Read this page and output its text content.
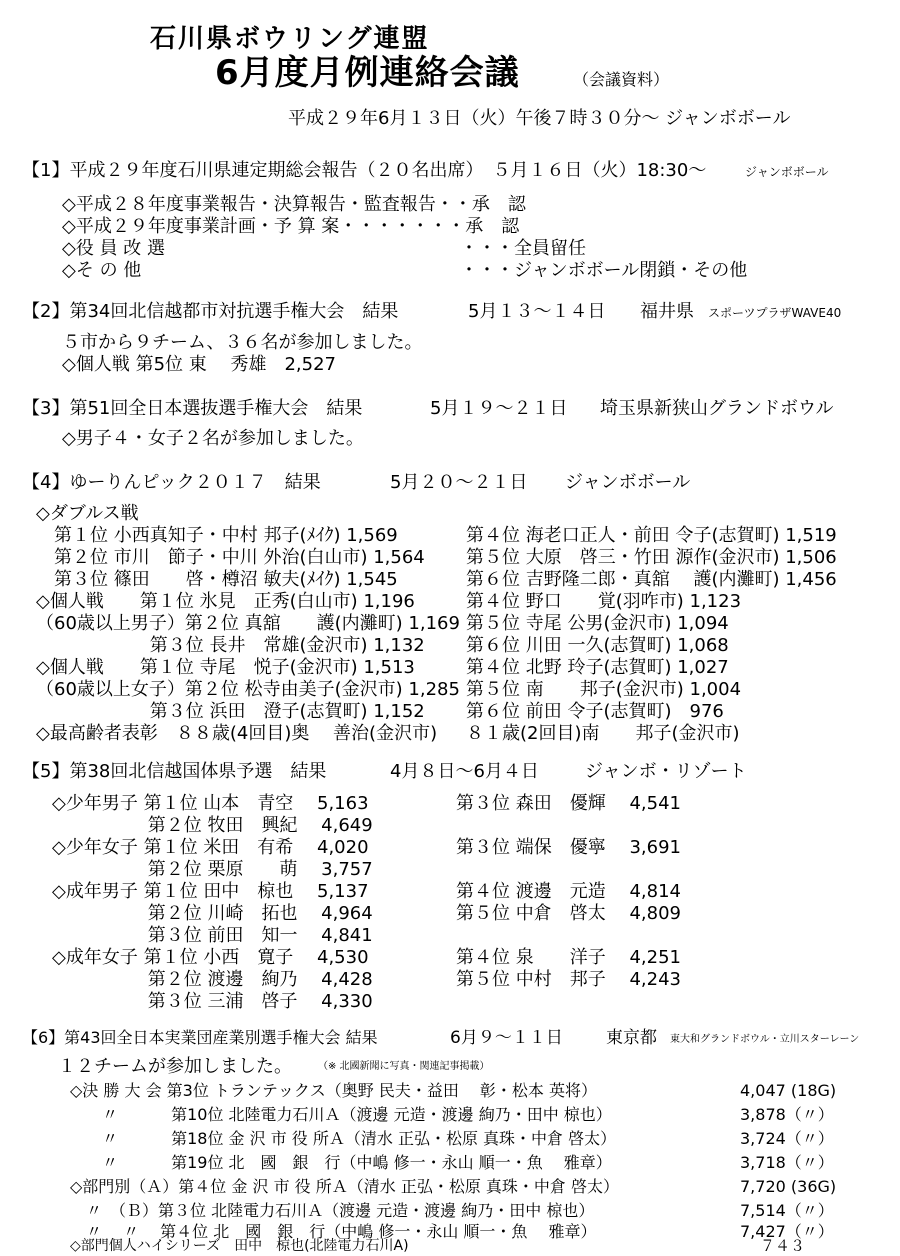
石川県ボウリング連盟
6月度月例連絡会議	（会議資料）
平成２９年6月１３日（火）午後７時３０分～ ジャンボボール
【1】平成２９年度石川県連定期総会報告（２０名出席）　５月１６日（火）18:30～	ジャンボボール
◇平成２８年度事業報告・決算報告・監査報告・・承　認
◇平成２９年度事業計画・予 算 案・・・・・・・承　認
◇役 員 改 選	・・・全員留任
◇そ の 他	・・・ジャンボボール閉鎖・その他
【2】第34回北信越都市対抗選手権大会　結果	5月１３～１４日 福井県 スポーツプラザWAVE40
５市から９チーム、３６名が参加しました。
◇個人戦 第5位 東　 秀雄　2,527
【3】第51回全日本選抜選手権大会　結果	5月１９～２１日 埼玉県新狭山グランドボウル
◇男子４・女子２名が参加しました。
【4】ゆーりんピック２０１７　結果	5月２０～２１日 ジャンボボール
◇ダブルス戦
　第１位 小西真知子・中村 邦子(ﾒｲｸ) 1,569	第４位 海老口正人・前田 令子(志賀町) 1,519
　第２位 市川　節子・中川 外治(白山市) 1,564 第５位 大原　啓三・竹田 源作(金沢市) 1,506
　第３位 篠田　　啓・樽沼 敏夫(ﾒｲｸ) 1,545	第６位 吉野隆二郎・真舘　 護(内灘町) 1,456
◇個人戦　　第１位 氷見　正秀(白山市) 1,196	第４位 野口　　覚(羽咋市) 1,123
（60歳以上男子）第２位 真舘　　護(内灘町) 1,169 第５位 寺尾 公男(金沢市) 1,094
　　　　　　 第３位 長井　常雄(金沢市) 1,132 第６位 川田 一久(志賀町) 1,068
◇個人戦　　第１位 寺尾　悦子(金沢市) 1,513	第４位 北野 玲子(志賀町) 1,027
（60歳以上女子）第２位 松寺由美子(金沢市) 1,285 第５位 南　　邦子(金沢市) 1,004
　　　　　　 第３位 浜田　澄子(志賀町) 1,152 第６位 前田 令子(志賀町)　976
◇最高齢者表彰　８８歳(4回目)奥　 善治(金沢市) ８１歳(2回目)南　　邦子(金沢市)
【5】第38回北信越国体県予選　結果	4月８日～6月４日	ジャンボ・リゾート
◇少年男子 第１位 山本　青空　 5,163	第３位 森田　優輝　 4,541
　　　　　 第２位 牧田　興紀　 4,649
◇少年女子 第１位 米田　有希　 4,020	第３位 端保　優寧　 3,691
　　　　　 第２位 栗原　　萌　 3,757
◇成年男子 第１位 田中　椋也　 5,137	第４位 渡邊　元造　 4,814
　　　　　 第２位 川崎　拓也　 4,964	第５位 中倉　啓太　 4,809
　　　　　 第３位 前田　知一　 4,841
◇成年女子 第１位 小西　寛子　 4,530	第４位 泉　　洋子　 4,251
　　　　　 第２位 渡邊　絢乃　 4,428	第５位 中村　邦子　 4,243
　　　　　 第３位 三浦　啓子　 4,330
【6】第43回全日本実業団産業別選手権大会 結果	6月９～１１日	東京都 東大和グランドボウル・立川スターレーン
１２チームが参加しました。	（※ 北國新聞に写真・関連記事掲載）
◇決 勝 大 会 第3位 トランテックス（奥野 民夫・益田　 彰・松本 英将）	4,047 (18G)
　　〃　　　 第10位 北陸電力石川Ａ（渡邊 元造・渡邊 絢乃・田中 椋也）	3,878（〃）
　　〃　　　 第18位 金 沢 市 役 所Ａ（清水 正弘・松原 真珠・中倉 啓太）	3,724（〃）
　　〃　　　 第19位 北　國　銀　行（中嶋 修一・永山 順一・魚　 雅章）	3,718（〃）
◇部門別（Ａ）第４位 金 沢 市 役 所Ａ（清水 正弘・松原 真珠・中倉 啓太）	7,720 (36G)
　〃　（Ｂ）第３位 北陸電力石川Ａ（渡邊 元造・渡邊 絢乃・田中 椋也）	7,514（〃）
　〃　 〃　 第４位 北　國　銀　行（中嶋 修一・永山 順一・魚　 雅章）	7,427（〃）
◇部門個人ハイシリーズ　田中　椋也(北陸電力石川A)	７４３
